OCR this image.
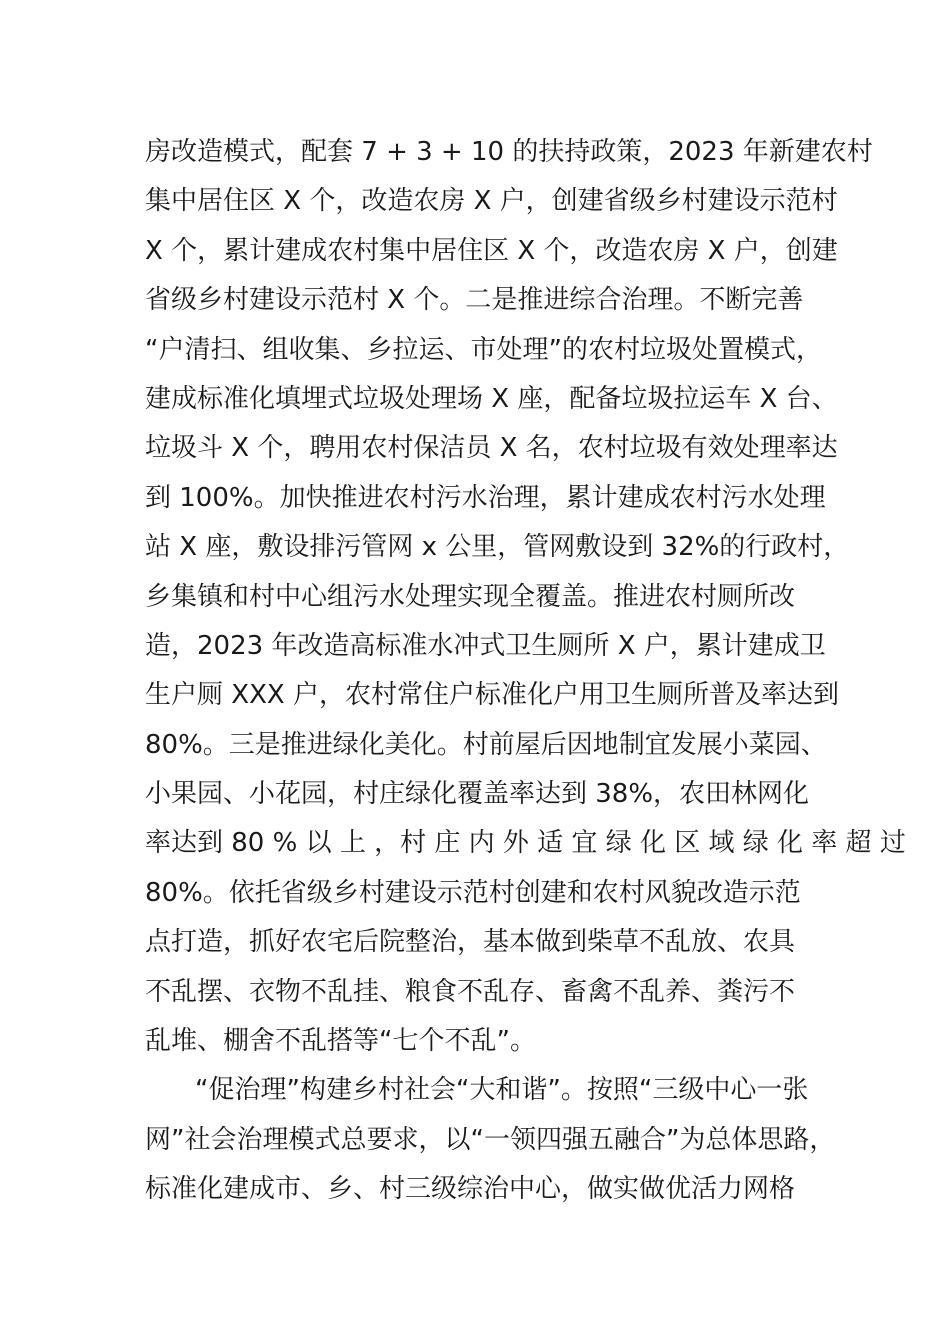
房改造模式，配套 7 + 3 + 10 的扶持政策，2023 年新建农村
集中居住区 X 个，改造农房 X 户，创建省级乡村建设示范村
X 个，累计建成农村集中居住区 X 个，改造农房 X 户，创建
省级乡村建设示范村 X 个。二是推进综合治理。不断完善
“户清扫、组收集、乡拉运、市处理”的农村垃圾处置模式，
建成标准化填埋式垃圾处理场 X 座，配备垃圾拉运车 X 台、
垃圾斗 X 个，聘用农村保洁员 X 名，农村垃圾有效处理率达
到 100%。加快推进农村污水治理，累计建成农村污水处理
站 X 座，敷设排污管网 x 公里，管网敷设到 32%的行政村，
乡集镇和村中心组污水处理实现全覆盖。推进农村厕所改
造，2023 年改造高标准水冲式卫生厕所 X 户，累计建成卫
生户厕 XXX 户，农村常住户标准化户用卫生厕所普及率达到
80%。三是推进绿化美化。村前屋后因地制宜发展小菜园、
小果园、小花园，村庄绿化覆盖率达到 38%，农田林网化
率达到 80 % 以 上 ，村 庄 内 外 适 宜 绿 化 区 域 绿 化 率 超 过
80%。依托省级乡村建设示范村创建和农村风貌改造示范
点打造，抓好农宅后院整治，基本做到柴草不乱放、农具
不乱摆、衣物不乱挂、粮食不乱存、畜禽不乱养、粪污不
乱堆、棚舍不乱搭等“七个不乱”。
“促治理”构建乡村社会“大和谐”。按照“三级中心一张
网”社会治理模式总要求，以“一领四强五融合”为总体思路，
标准化建成市、乡、村三级综治中心，做实做优活力网格
